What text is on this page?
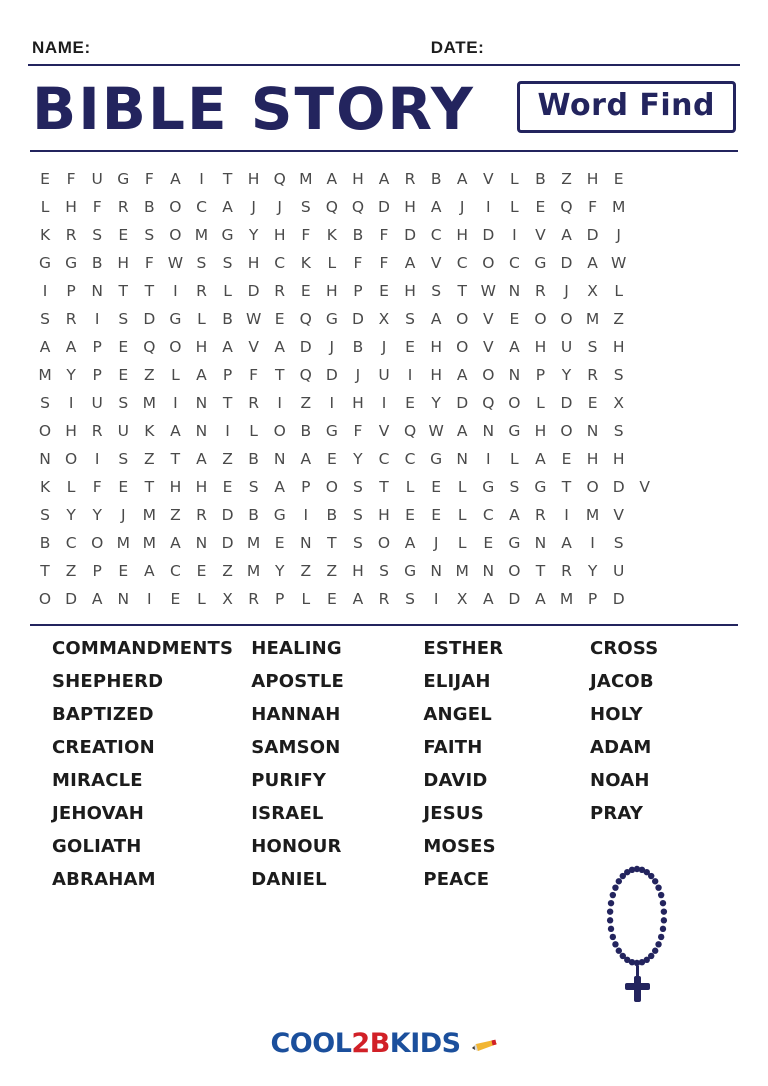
NAME:	DATE:
BIBLE STORY	Word Find
E	F	U G	F	A	I	T	H Q M A H A R B A V	L	B Z H E
L	H	F	R B O C A	J	J	S Q Q D H A	J	I	L	E Q	F M
K	R	S	E	S O M G Y	H	F	K	B	F	D C H D	I	V A D	J
G G B H	F W S	S H C	K	L	F	F	A V C O C G D A W
I	P	N	T	T	I	R	L	D R	E H	P	E H S	T W N R	J	X	L
S	R	I	S D G	L	B W E Q G D X	S	A O V	E O O M Z
A A	P	E Q O H A V A D	J	B	J	E H O V A H U S H
M Y	P	E	Z	L	A	P	F	T Q D	J	U	I	H A O N	P	Y	R	S
S	I	U S M	I	N	T	R	I	Z	I	H	I	E	Y D Q O	L	D E	X
O H R U K	A N	I	L	O B G	F	V Q W A N G H O N S
N O	I	S	Z	T	A Z B N A	E	Y	C C G N	I	L	A	E H H
K	L	F	E	T	H H E	S	A	P O S	T	L	E	L	G S G T O D V
S	Y	Y	J	M Z R D B G	I	B	S H E	E	L	C A R	I	M V
B C O M M A N D M E N	T	S O A	J	L	E G N A	I	S
T	Z	P	E	A C	E	Z M Y	Z Z H S G N M N O T	R	Y	U
O D A N	I	E	L	X R	P	L	E	A R	S	I	X A D A M P D
COMMANDMENTS
SHEPHERD
BAPTIZED
CREATION
MIRACLE
JEHOVAH
GOLIATH
ABRAHAM
HEALING
APOSTLE
HANNAH
SAMSON
PURIFY
ISRAEL
HONOUR
DANIEL
ESTHER
ELIJAH
ANGEL
FAITH
DAVID
JESUS
MOSES
PEACE
CROSS
JACOB
HOLY
ADAM
NOAH
PRAY
COOL2BKIDS
